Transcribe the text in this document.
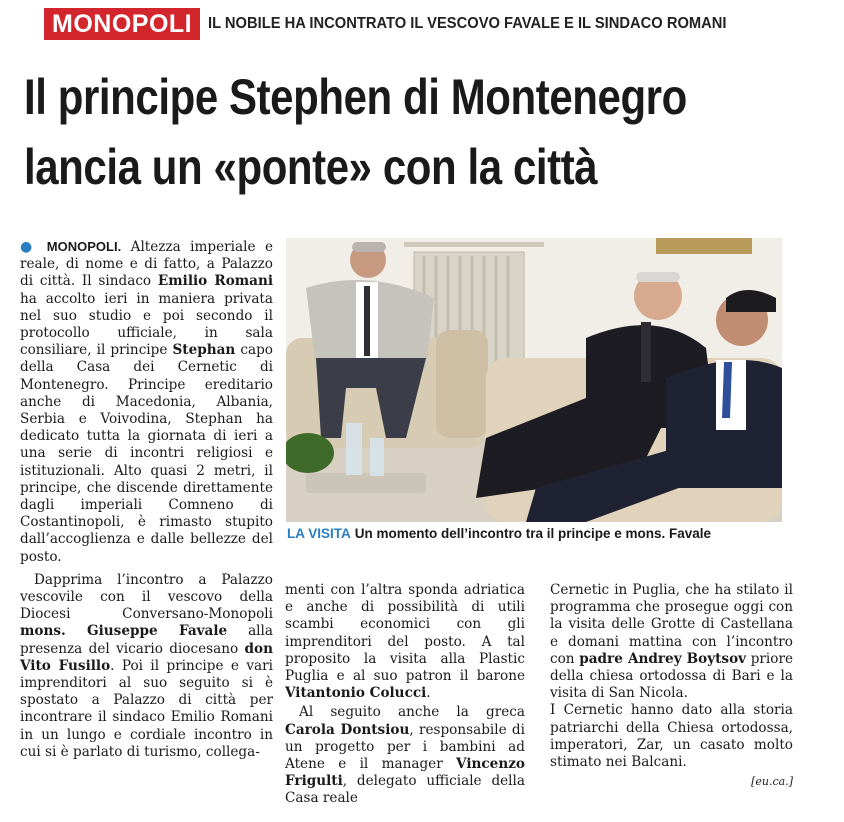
MONOPOLI	IL NOBILE HA INCONTRATO IL VESCOVO FAVALE E IL SINDACO ROMANI
Il principe Stephen di Montenegro
lancia un «ponte» con la città

● MONOPOLI. Altezza imperiale e reale, di nome e di fatto, a Palazzo di città. Il sindaco Emilio Romani ha accolto ieri in maniera privata nel suo studio e poi secondo il protocollo ufficiale, in sala consiliare, il principe Stephan capo della Casa dei Cernetic di Montenegro. Principe ereditario anche di Macedonia, Albania, Serbia e Voivodina, Stephan ha dedicato tutta la giornata di ieri a una serie di incontri religiosi e istituzionali. Alto quasi 2 metri, il principe, che discende direttamente dagli imperiali Comneno di Costantinopoli, è rimasto stupito dall’accoglienza e dalle bellezze del posto.

Dapprima l’incontro a Palazzo vescovile con il vescovo della Diocesi Conversano-Monopoli mons. Giuseppe Favale alla presenza del vicario diocesano don Vito Fusillo. Poi il principe e vari imprenditori al suo seguito si è spostato a Palazzo di città per incontrare il sindaco Emilio Romani in un lungo e cordiale incontro in cui si è parlato di turismo, collega-

LA VISITA Un momento dell’incontro tra il principe e mons. Favale

menti con l’altra sponda adriatica e anche di possibilità di utili scambi economici con gli imprenditori del posto. A tal proposito la visita alla Plastic Puglia e al suo patron il barone Vitantonio Colucci.

Al seguito anche la greca Carola Dontsiou, responsabile di un progetto per i bambini ad Atene e il manager Vincenzo Frigulti, delegato ufficiale della Casa reale

Cernetic in Puglia, che ha stilato il programma che prosegue oggi con la visita delle Grotte di Castellana e domani mattina con l’incontro con padre Andrey Boytsov priore della chiesa ortodossa di Bari e la visita di San Nicola.

I Cernetic hanno dato alla storia patriarchi della Chiesa ortodossa, imperatori, Zar, un casato molto stimato nei Balcani.

[eu.ca.]
